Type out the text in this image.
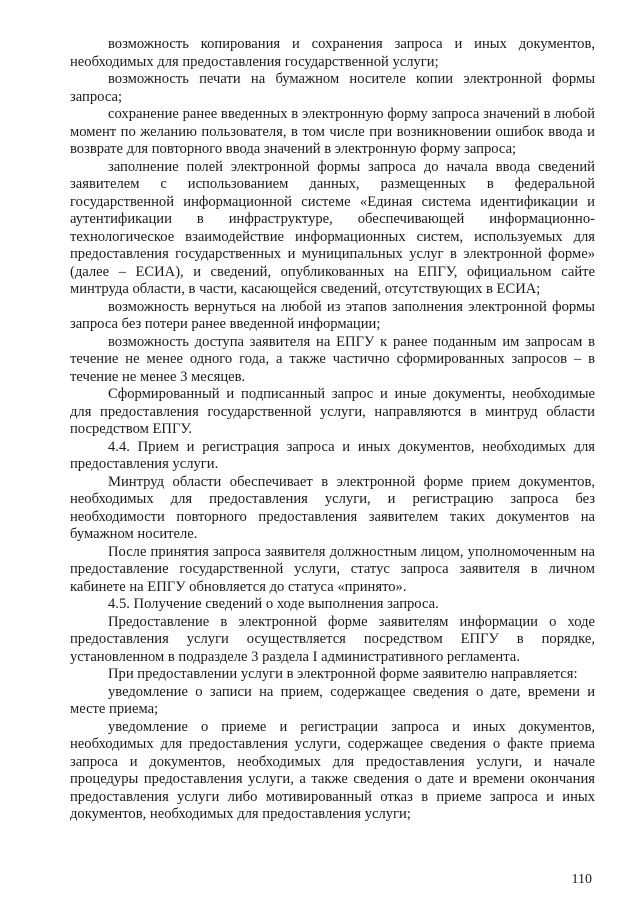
возможность копирования и сохранения запроса и иных документов, необходимых для предоставления государственной услуги;

возможность печати на бумажном носителе копии электронной формы запроса;

сохранение ранее введенных в электронную форму запроса значений в любой момент по желанию пользователя, в том числе при возникновении ошибок ввода и возврате для повторного ввода значений в электронную форму запроса;

заполнение полей электронной формы запроса до начала ввода сведений заявителем с использованием данных, размещенных в федеральной государственной информационной системе «Единая система идентификации и аутентификации в инфраструктуре, обеспечивающей информационно-технологическое взаимодействие информационных систем, используемых для предоставления государственных и муниципальных услуг в электронной форме» (далее – ЕСИА), и сведений, опубликованных на ЕПГУ, официальном сайте минтруда области, в части, касающейся сведений, отсутствующих в ЕСИА;

возможность вернуться на любой из этапов заполнения электронной формы запроса без потери ранее введенной информации;

возможность доступа заявителя на ЕПГУ к ранее поданным им запросам в течение не менее одного года, а также частично сформированных запросов – в течение не менее 3 месяцев.

Сформированный и подписанный запрос и иные документы, необходимые для предоставления государственной услуги, направляются в минтруд области посредством ЕПГУ.

4.4. Прием и регистрация запроса и иных документов, необходимых для предоставления услуги.

Минтруд области обеспечивает в электронной форме прием документов, необходимых для предоставления услуги, и регистрацию запроса без необходимости повторного предоставления заявителем таких документов на бумажном носителе.

После принятия запроса заявителя должностным лицом, уполномоченным на предоставление государственной услуги, статус запроса заявителя в личном кабинете на ЕПГУ обновляется до статуса «принято».

4.5. Получение сведений о ходе выполнения запроса.

Предоставление в электронной форме заявителям информации о ходе предоставления услуги осуществляется посредством ЕПГУ в порядке, установленном в подразделе 3 раздела I административного регламента.

При предоставлении услуги в электронной форме заявителю направляется:

уведомление о записи на прием, содержащее сведения о дате, времени и месте приема;

уведомление о приеме и регистрации запроса и иных документов, необходимых для предоставления услуги, содержащее сведения о факте приема запроса и документов, необходимых для предоставления услуги, и начале процедуры предоставления услуги, а также сведения о дате и времени окончания предоставления услуги либо мотивированный отказ в приеме запроса и иных документов, необходимых для предоставления услуги;

110
